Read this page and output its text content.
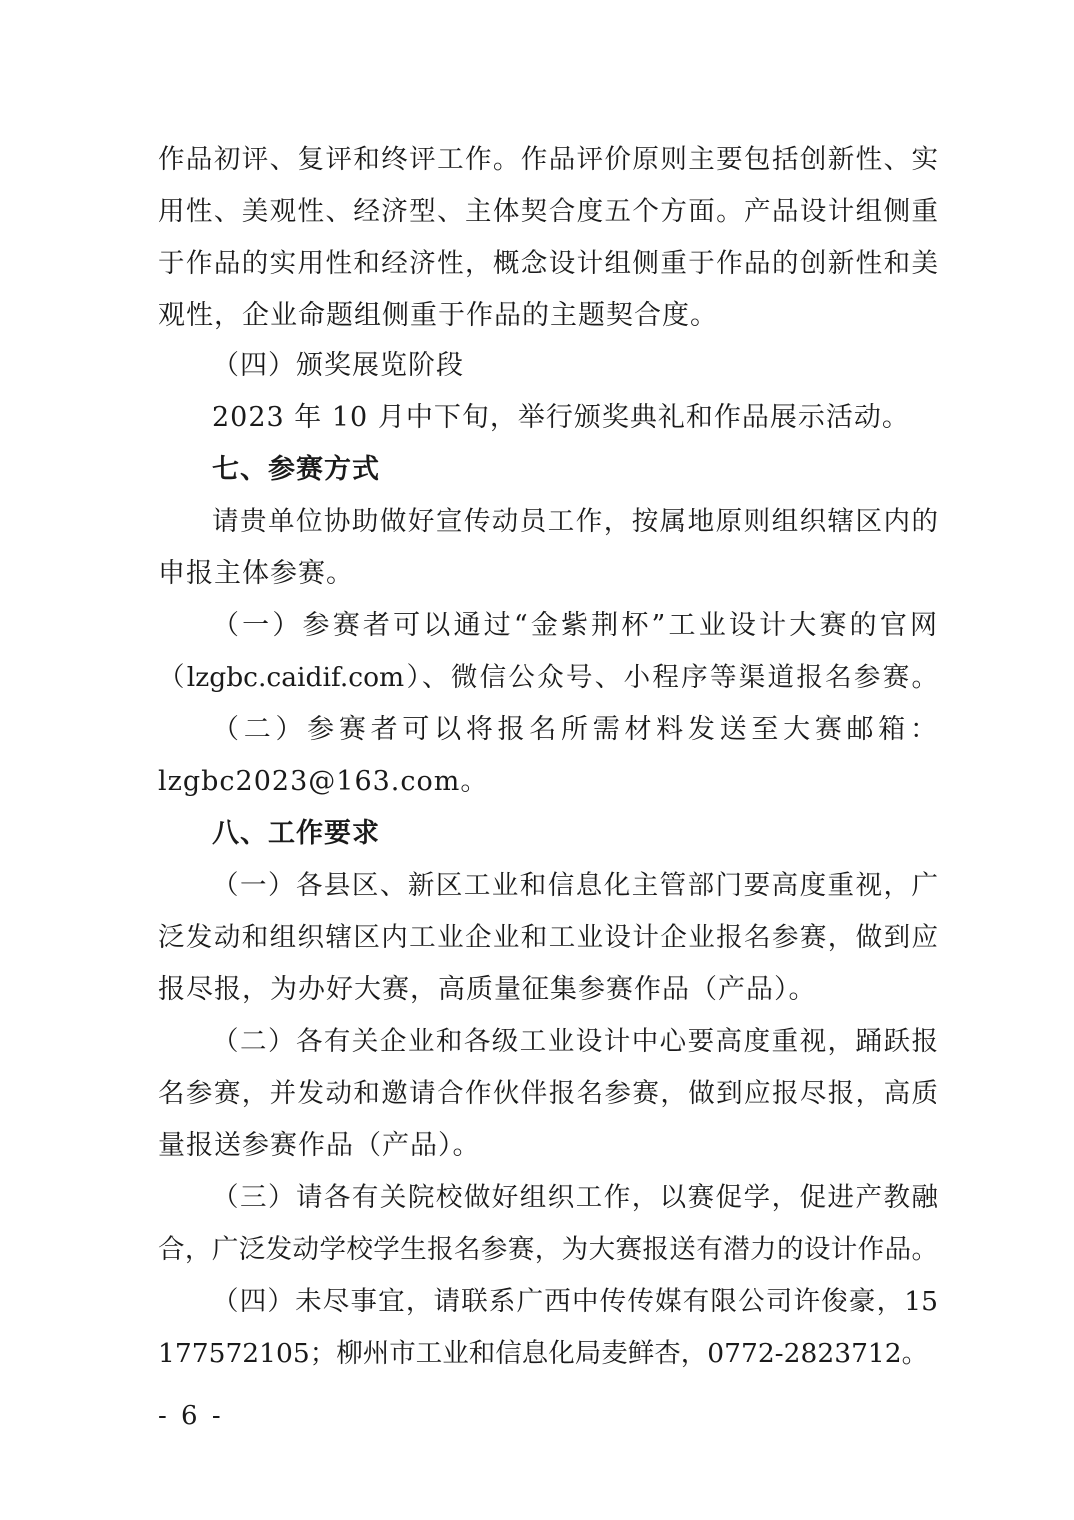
作品初评、复评和终评工作。作品评价原则主要包括创新性、实
用性、美观性、经济型、主体契合度五个方面。产品设计组侧重
于作品的实用性和经济性，概念设计组侧重于作品的创新性和美
观性，企业命题组侧重于作品的主题契合度。
（四）颁奖展览阶段
2023 年 10 月中下旬，举行颁奖典礼和作品展示活动。
七、参赛方式
请贵单位协助做好宣传动员工作，按属地原则组织辖区内的
申报主体参赛。
（一）参赛者可以通过“金紫荆杯”工业设计大赛的官网
（lzgbc.caidif.com）、微信公众号、小程序等渠道报名参赛。
（二）参赛者可以将报名所需材料发送至大赛邮箱：
lzgbc2023@163.com。
八、工作要求
（一）各县区、新区工业和信息化主管部门要高度重视，广
泛发动和组织辖区内工业企业和工业设计企业报名参赛，做到应
报尽报，为办好大赛，高质量征集参赛作品（产品）。
（二）各有关企业和各级工业设计中心要高度重视，踊跃报
名参赛，并发动和邀请合作伙伴报名参赛，做到应报尽报，高质
量报送参赛作品（产品）。
（三）请各有关院校做好组织工作，以赛促学，促进产教融
合，广泛发动学校学生报名参赛，为大赛报送有潜力的设计作品。
（四）未尽事宜，请联系广西中传传媒有限公司许俊豪，15
177572105；柳州市工业和信息化局麦鲜杏，0772-2823712。
- 6 -
